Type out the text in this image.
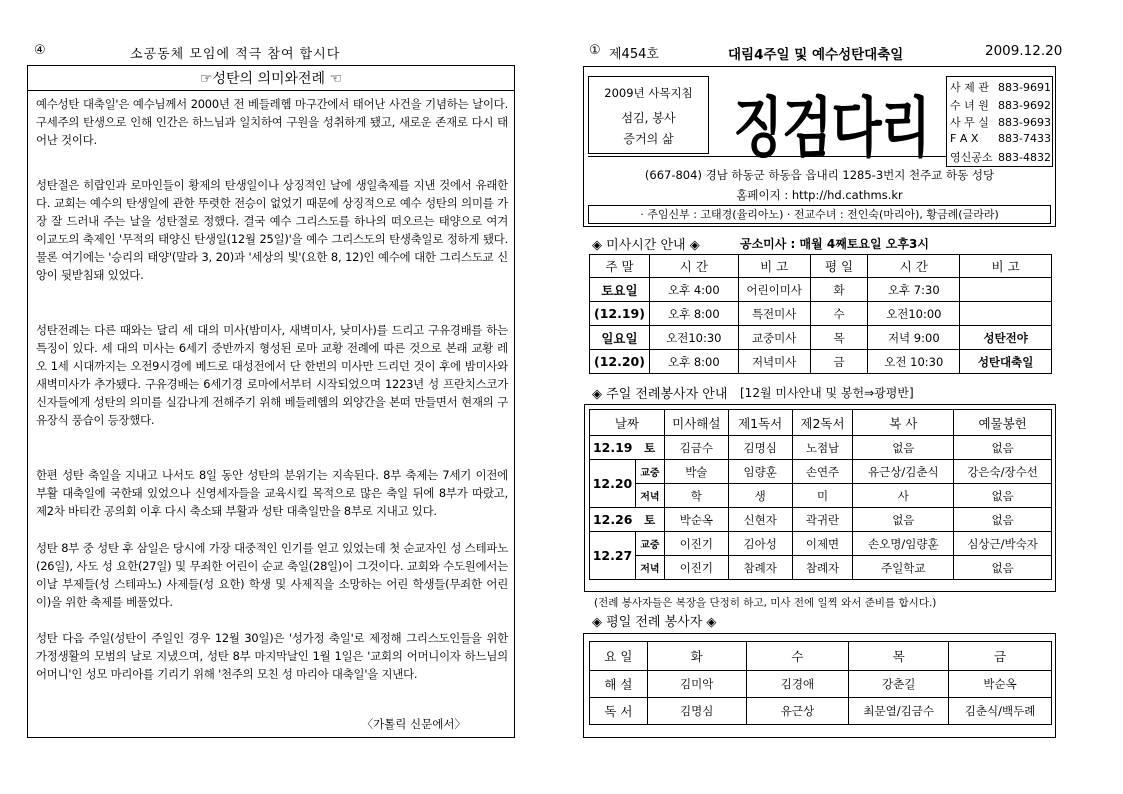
④	소공동체 모임에 적극 참여 합시다	① 제454호	대림4주일 및 예수성탄대축일	2009.12.20
☞성탄의 의미와전례 ☜
예수성탄 대축일'은 예수님께서 2000년 전 베들레헴 마구간에서 태어난 사건을 기념하는 날이다. 구세주의 탄생으로 인해 인간은 하느님과 일치하여 구원을 성취하게 됐고, 새로운 존재로 다시 태어난 것이다.
성탄절은 히랍인과 로마인들이 황제의 탄생일이나 상징적인 날에 생일축제를 지낸 것에서 유래한다. 교회는 예수의 탄생일에 관한 뚜렷한 전승이 없었기 때문에 상징적으로 예수 성탄의 의미를 가장 잘 드러내 주는 날을 성탄절로 정했다. 결국 예수 그리스도를 하나의 떠오르는 태양으로 여겨 이교도의 축제인 '무적의 태양신 탄생일(12월 25일)'을 예수 그리스도의 탄생축일로 정하게 됐다. 물론 여기에는 '승리의 태양'(말라 3, 20)과 '세상의 빛'(요한 8, 12)인 예수에 대한 그리스도교 신앙이 뒷받침돼 있었다.
성탄전례는 다른 때와는 달리 세 대의 미사(밤미사, 새벽미사, 낮미사)를 드리고 구유경배를 하는 특징이 있다. 세 대의 미사는 6세기 중반까지 형성된 로마 교황 전례에 따른 것으로 본래 교황 레오 1세 시대까지는 오전9시경에 베드로 대성전에서 단 한번의 미사만 드리던 것이 후에 밤미사와 새벽미사가 추가됐다. 구유경배는 6세기경 로마에서부터 시작되었으며 1223년 성 프란치스코가 신자들에게 성탄의 의미를 실감나게 전해주기 위해 베들레헴의 외양간을 본떠 만들면서 현재의 구유장식 풍습이 등장했다.
한편 성탄 축일을 지내고 나서도 8일 동안 성탄의 분위기는 지속된다. 8부 축제는 7세기 이전에 부활 대축일에 국한돼 있었으나 신영세자들을 교육시킬 목적으로 많은 축일 뒤에 8부가 따랐고, 제2차 바티칸 공의회 이후 다시 축소돼 부활과 성탄 대축일만을 8부로 지내고 있다.
성탄 8부 중 성탄 후 삼일은 당시에 가장 대중적인 인기를 얻고 있었는데 첫 순교자인 성 스테파노(26일), 사도 성 요한(27일) 및 무죄한 어린이 순교 축일(28일)이 그것이다. 교회와 수도원에서는 이날 부제들(성 스테파노) 사제들(성 요한) 학생 및 사제직을 소망하는 어린 학생들(무죄한 어린이)을 위한 축제를 베풀었다.
성탄 다음 주일(성탄이 주일인 경우 12월 30일)은 '성가정 축일'로 제정해 그리스도인들을 위한 가정생활의 모범의 날로 지냈으며, 성탄 8부 마지막날인 1월 1일은 '교회의 어머니이자 하느님의 어머니'인 성모 마리아를 기리기 위해 '천주의 모친 성 마리아 대축일'을 지낸다.
〈가톨릭 신문에서〉
2009년 사목지침
섬김, 봉사
증거의 삶	징검다리
사 제 관 883-9691
수 녀 원 883-9692
사 무 실 883-9693
F A X 883-7433
영신공소 883-4832
(667-804) 경남 하동군 하동읍 읍내리 1285-3번지 천주교 하동 성당
홈페이지 : http://hd.cathms.kr
· 주임신부 : 고태경(율리아노) · 전교수녀 : 전인숙(마리아), 황금례(글라라)
◈ 미사시간 안내 ◈	공소미사 : 매월 4째토요일 오후3시
주 말	시 간	비 고	평 일	시 간	비 고
토요일	오후 4:00	어린이미사	화	오후 7:30	
(12.19)	오후 8:00	특전미사	수	오전10:00	
일요일	오전10:30	교중미사	목	저녁 9:00	성탄전야
(12.20)	오후 8:00	저녁미사	금	오전 10:30	성탄대축일
◈ 주일 전례봉사자 안내 [12월 미사안내 및 봉헌⇒광평반]
날짜		미사해설	제1독서	제2독서	복 사	예물봉헌
12.19	토	김금수	김명심	노점남	없음	없음
12.20	교중	박술	임량훈	손연주	유근상/김춘식	강은숙/장수선
	저녁	학	생	미	사	없음
12.26	토	박순옥	신현자	곽귀란	없음	없음
12.27	교중	이진기	김아성	이제면	손오명/임량훈	심상근/박숙자
	저녁	이진기	참례자	참례자	주일학교	없음
(전례 봉사자들은 복장을 단정히 하고, 미사 전에 일찍 와서 준비를 합시다.)
◈ 평일 전례 봉사자 ◈
요 일	화	수	목	금
해 설	김미악	김경애	강춘길	박순옥
독 서	김명심	유근상	최문열/김금수	김춘식/백두례
